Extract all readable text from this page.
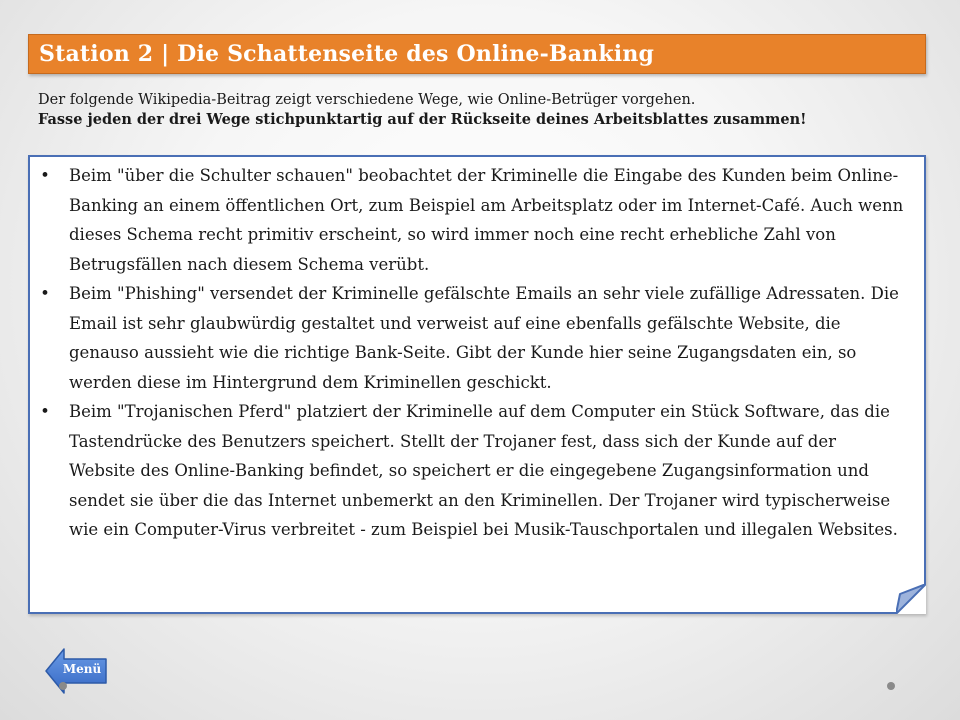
Station 2 | Die Schattenseite des Online-Banking
Der folgende Wikipedia-Beitrag zeigt verschiedene Wege, wie Online-Betrüger vorgehen.
Fasse jeden der drei Wege stichpunktartig auf der Rückseite deines Arbeitsblattes zusammen!
• Beim "über die Schulter schauen" beobachtet der Kriminelle die Eingabe des Kunden beim Online-Banking an einem öffentlichen Ort, zum Beispiel am Arbeitsplatz oder im Internet-Café. Auch wenn dieses Schema recht primitiv erscheint, so wird immer noch eine recht erhebliche Zahl von Betrugsfällen nach diesem Schema verübt.
• Beim "Phishing" versendet der Kriminelle gefälschte Emails an sehr viele zufällige Adressaten. Die Email ist sehr glaubwürdig gestaltet und verweist auf eine ebenfalls gefälschte Website, die genauso aussieht wie die richtige Bank-Seite. Gibt der Kunde hier seine Zugangsdaten ein, so werden diese im Hintergrund dem Kriminellen geschickt.
• Beim "Trojanischen Pferd" platziert der Kriminelle auf dem Computer ein Stück Software, das die Tastendrücke des Benutzers speichert. Stellt der Trojaner fest, dass sich der Kunde auf der Website des Online-Banking befindet, so speichert er die eingegebene Zugangsinformation und sendet sie über die das Internet unbemerkt an den Kriminellen. Der Trojaner wird typischerweise wie ein Computer-Virus verbreitet - zum Beispiel bei Musik-Tauschportalen und illegalen Websites.
Menü
